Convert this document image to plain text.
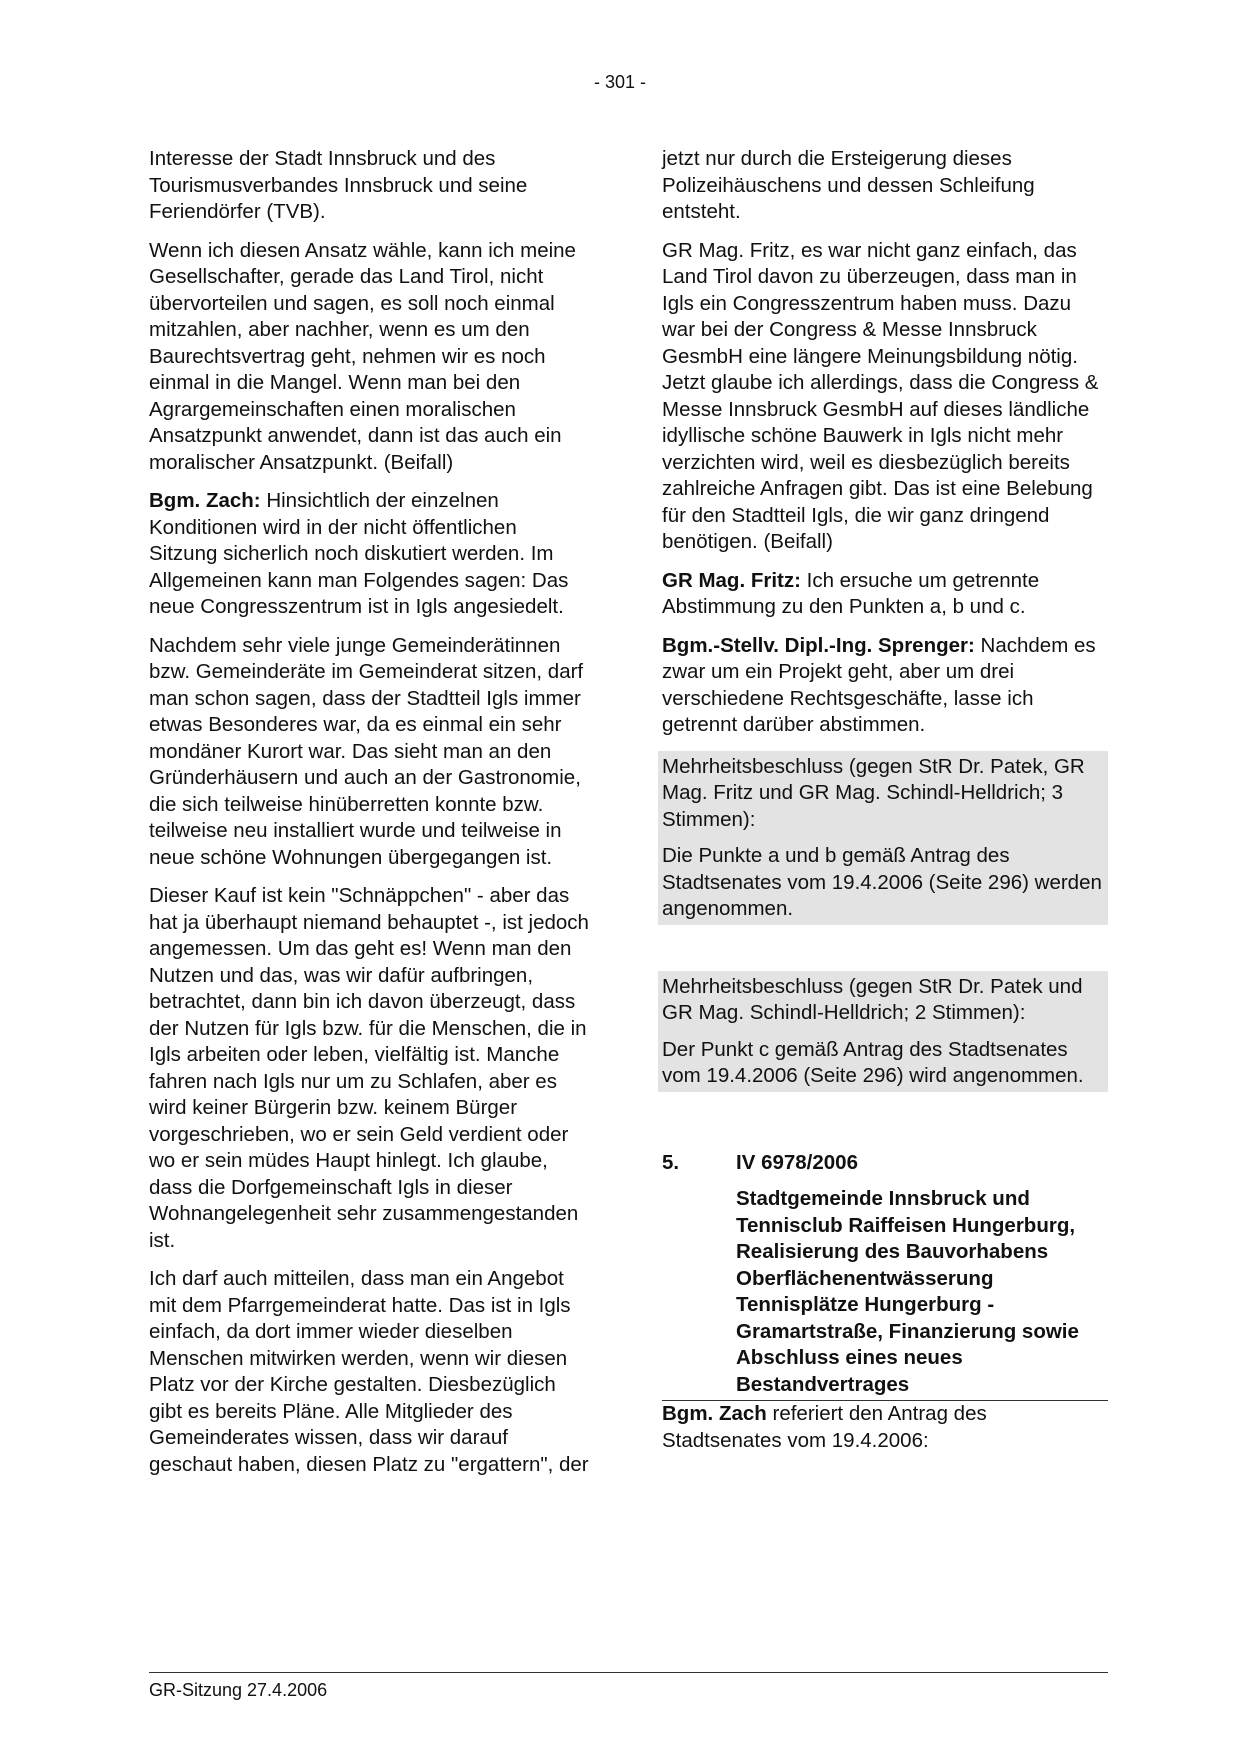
- 301 -

Interesse der Stadt Innsbruck und des Tourismusverbandes Innsbruck und seine Feriendörfer (TVB).

Wenn ich diesen Ansatz wähle, kann ich meine Gesellschafter, gerade das Land Tirol, nicht übervorteilen und sagen, es soll noch einmal mitzahlen, aber nachher, wenn es um den Baurechtsvertrag geht, nehmen wir es noch einmal in die Mangel. Wenn man bei den Agrargemeinschaften einen moralischen Ansatzpunkt anwendet, dann ist das auch ein moralischer Ansatzpunkt. (Beifall)

Bgm. Zach: Hinsichtlich der einzelnen Konditionen wird in der nicht öffentlichen Sitzung sicherlich noch diskutiert werden. Im Allgemeinen kann man Folgendes sagen: Das neue Congresszentrum ist in Igls angesiedelt.

Nachdem sehr viele junge Gemeinderätinnen bzw. Gemeinderäte im Gemeinderat sitzen, darf man schon sagen, dass der Stadtteil Igls immer etwas Besonderes war, da es einmal ein sehr mondäner Kurort war. Das sieht man an den Gründerhäusern und auch an der Gastronomie, die sich teilweise hinüberretten konnte bzw. teilweise neu installiert wurde und teilweise in neue schöne Wohnungen übergegangen ist.

Dieser Kauf ist kein "Schnäppchen" - aber das hat ja überhaupt niemand behauptet -, ist jedoch angemessen. Um das geht es! Wenn man den Nutzen und das, was wir dafür aufbringen, betrachtet, dann bin ich davon überzeugt, dass der Nutzen für Igls bzw. für die Menschen, die in Igls arbeiten oder leben, vielfältig ist. Manche fahren nach Igls nur um zu Schlafen, aber es wird keiner Bürgerin bzw. keinem Bürger vorgeschrieben, wo er sein Geld verdient oder wo er sein müdes Haupt hinlegt. Ich glaube, dass die Dorfgemeinschaft Igls in dieser Wohnangelegenheit sehr zusammengestanden ist.

Ich darf auch mitteilen, dass man ein Angebot mit dem Pfarrgemeinderat hatte. Das ist in Igls einfach, da dort immer wieder dieselben Menschen mitwirken werden, wenn wir diesen Platz vor der Kirche gestalten. Diesbezüglich gibt es bereits Pläne. Alle Mitglieder des Gemeinderates wissen, dass wir darauf geschaut haben, diesen Platz zu "ergattern", der

jetzt nur durch die Ersteigerung dieses Polizeihäuschens und dessen Schleifung entsteht.

GR Mag. Fritz, es war nicht ganz einfach, das Land Tirol davon zu überzeugen, dass man in Igls ein Congresszentrum haben muss. Dazu war bei der Congress & Messe Innsbruck GesmbH eine längere Meinungsbildung nötig. Jetzt glaube ich allerdings, dass die Congress & Messe Innsbruck GesmbH auf dieses ländliche idyllische schöne Bauwerk in Igls nicht mehr verzichten wird, weil es diesbezüglich bereits zahlreiche Anfragen gibt. Das ist eine Belebung für den Stadtteil Igls, die wir ganz dringend benötigen. (Beifall)

GR Mag. Fritz: Ich ersuche um getrennte Abstimmung zu den Punkten a, b und c.

Bgm.-Stellv. Dipl.-Ing. Sprenger: Nachdem es zwar um ein Projekt geht, aber um drei verschiedene Rechtsgeschäfte, lasse ich getrennt darüber abstimmen.

Mehrheitsbeschluss (gegen StR Dr. Patek, GR Mag. Fritz und GR Mag. Schindl-Helldrich; 3 Stimmen):

Die Punkte a und b gemäß Antrag des Stadtsenates vom 19.4.2006 (Seite 296) werden angenommen.

Mehrheitsbeschluss (gegen StR Dr. Patek und GR Mag. Schindl-Helldrich; 2 Stimmen):

Der Punkt c gemäß Antrag des Stadtsenates vom 19.4.2006 (Seite 296) wird angenommen.

5.	IV 6978/2006
Stadtgemeinde Innsbruck und Tennisclub Raiffeisen Hungerburg, Realisierung des Bauvorhabens Oberflächenentwässerung Tennisplätze Hungerburg - Gramartstraße, Finanzierung sowie Abschluss eines neues Bestandvertrages

Bgm. Zach referiert den Antrag des Stadtsenates vom 19.4.2006:

GR-Sitzung 27.4.2006
